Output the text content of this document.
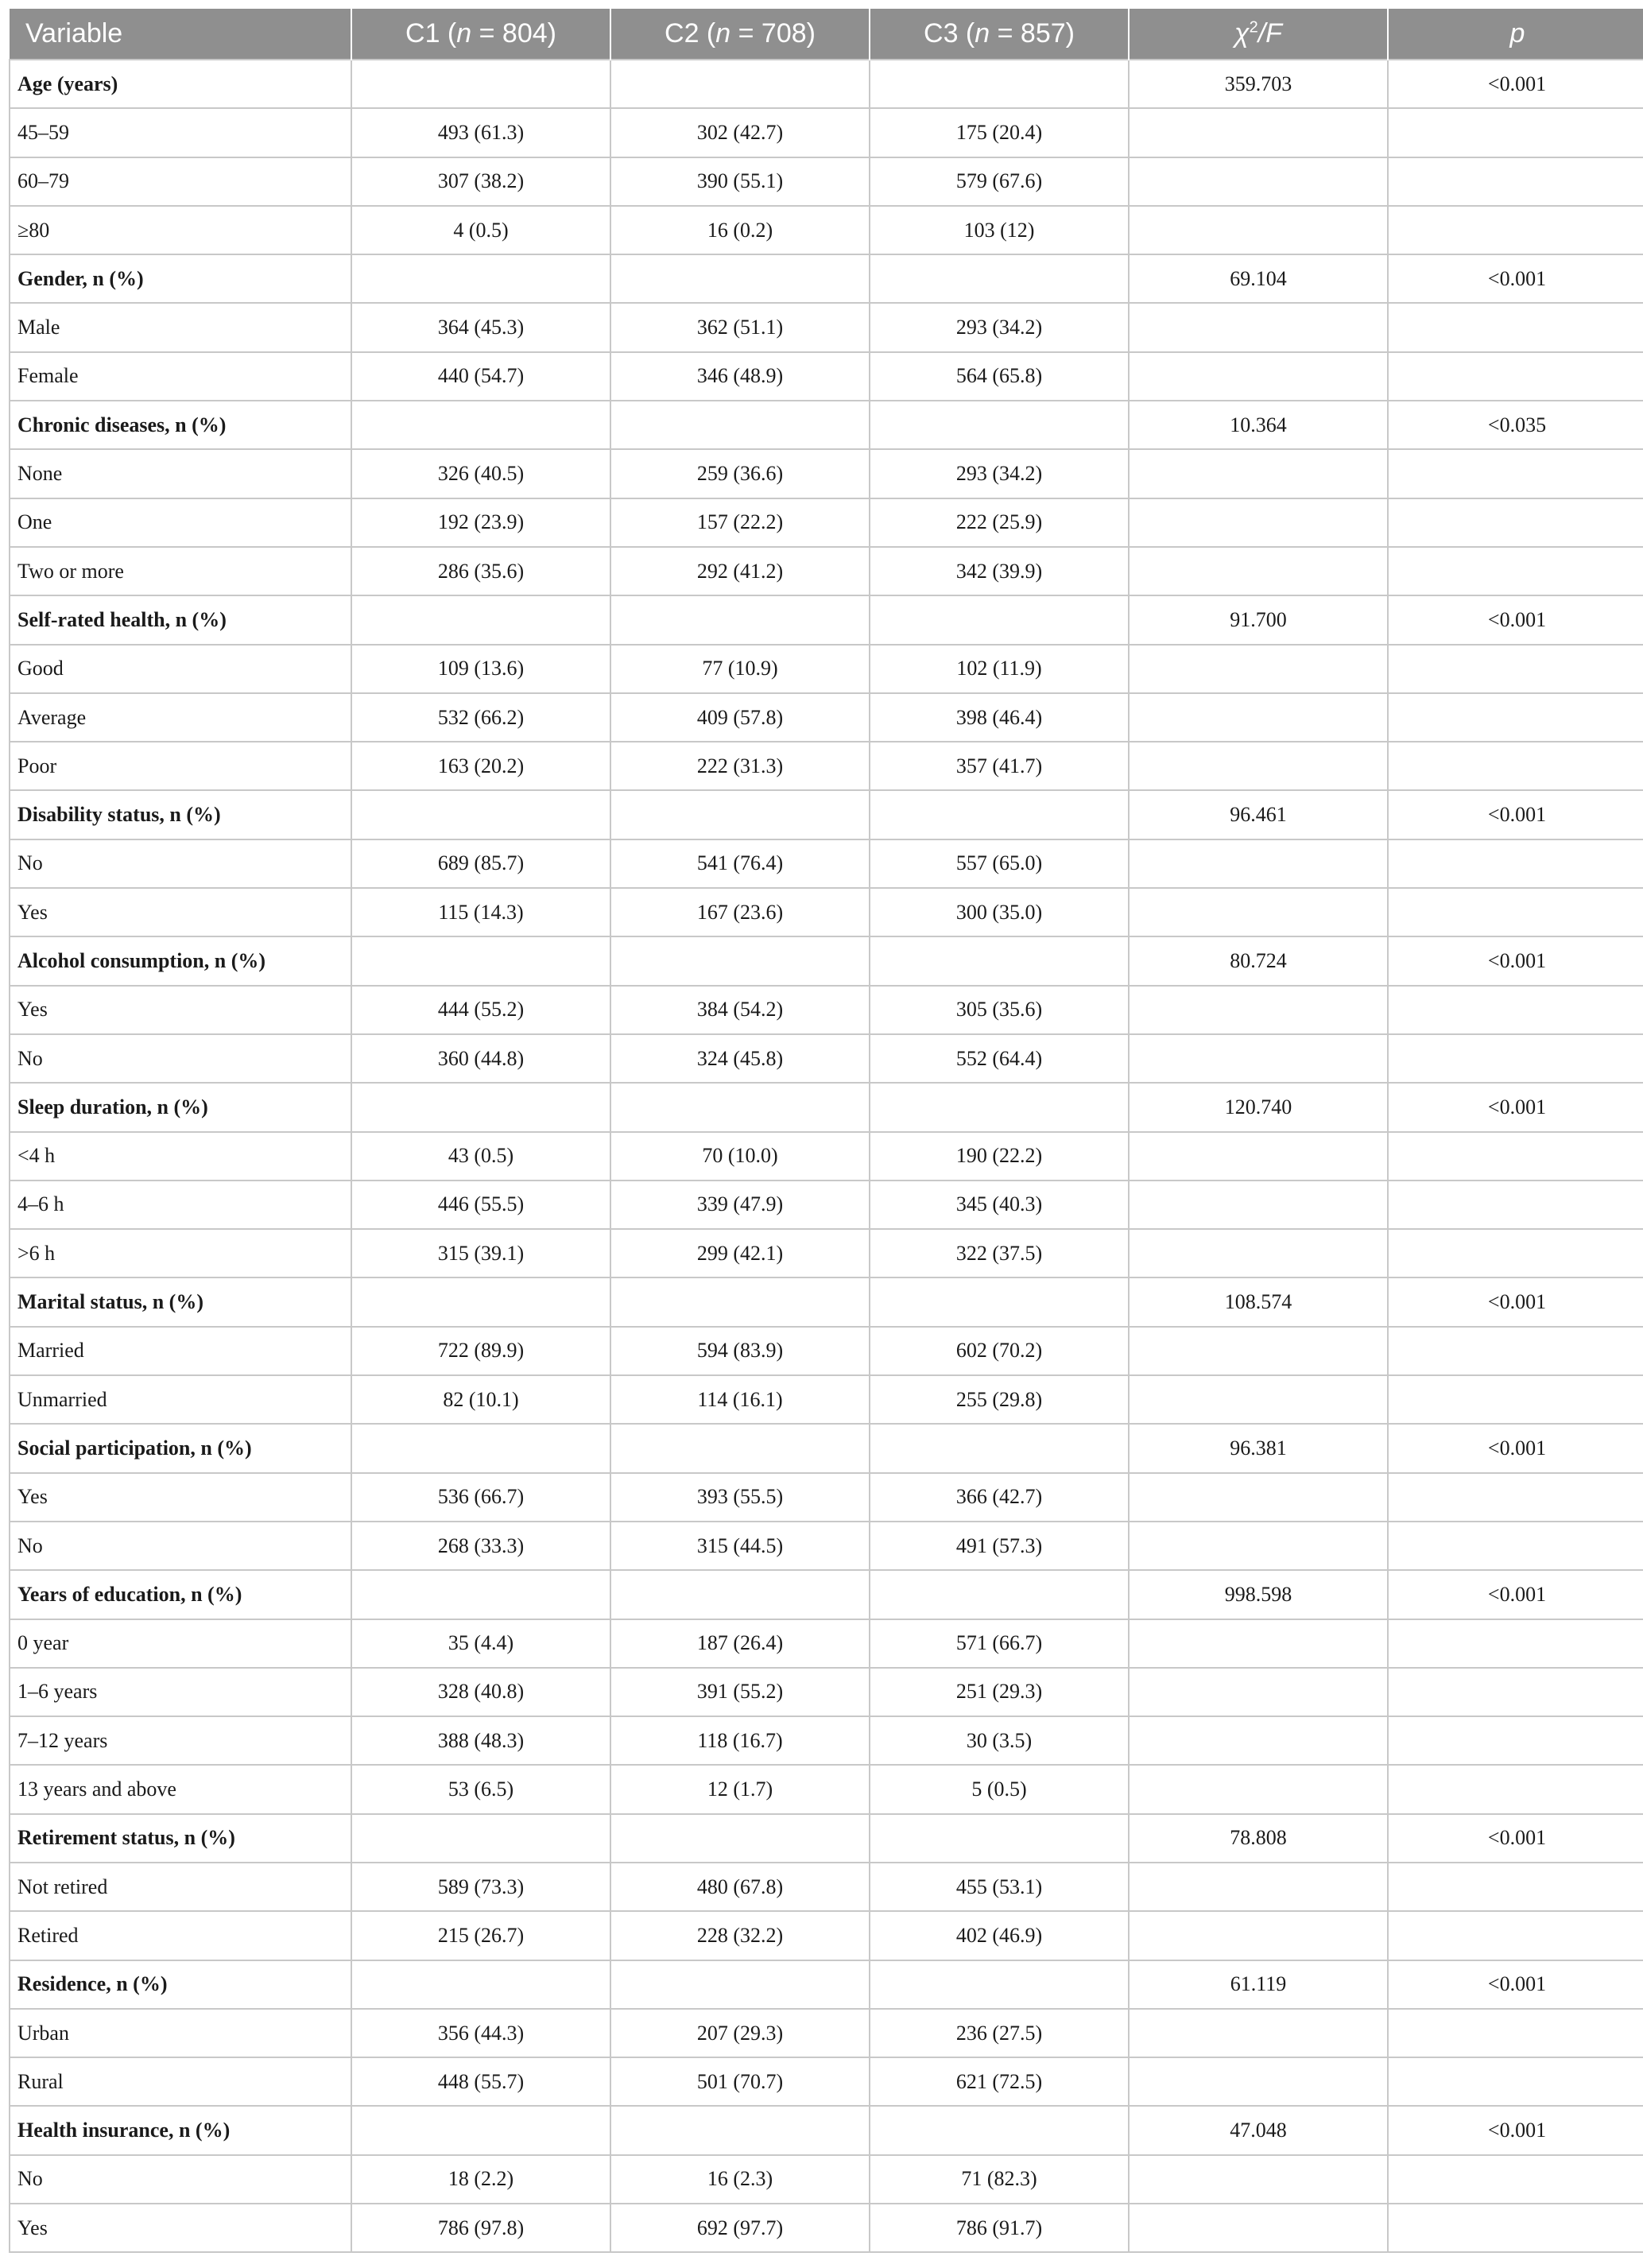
Variable	C1 (n = 804)	C2 (n = 708)	C3 (n = 857)	$\chi^2/F$	p
Age (years)				359.703	<0.001
45–59	493 (61.3)	302 (42.7)	175 (20.4)		
60–79	307 (38.2)	390 (55.1)	579 (67.6)		
≥80	4 (0.5)	16 (0.2)	103 (12)		
Gender, n (%)				69.104	<0.001
Male	364 (45.3)	362 (51.1)	293 (34.2)		
Female	440 (54.7)	346 (48.9)	564 (65.8)		
Chronic diseases, n (%)				10.364	<0.035
None	326 (40.5)	259 (36.6)	293 (34.2)		
One	192 (23.9)	157 (22.2)	222 (25.9)		
Two or more	286 (35.6)	292 (41.2)	342 (39.9)		
Self-rated health, n (%)				91.700	<0.001
Good	109 (13.6)	77 (10.9)	102 (11.9)		
Average	532 (66.2)	409 (57.8)	398 (46.4)		
Poor	163 (20.2)	222 (31.3)	357 (41.7)		
Disability status, n (%)				96.461	<0.001
No	689 (85.7)	541 (76.4)	557 (65.0)		
Yes	115 (14.3)	167 (23.6)	300 (35.0)		
Alcohol consumption, n (%)				80.724	<0.001
Yes	444 (55.2)	384 (54.2)	305 (35.6)		
No	360 (44.8)	324 (45.8)	552 (64.4)		
Sleep duration, n (%)				120.740	<0.001
<4 h	43 (0.5)	70 (10.0)	190 (22.2)		
4–6 h	446 (55.5)	339 (47.9)	345 (40.3)		
>6 h	315 (39.1)	299 (42.1)	322 (37.5)		
Marital status, n (%)				108.574	<0.001
Married	722 (89.9)	594 (83.9)	602 (70.2)		
Unmarried	82 (10.1)	114 (16.1)	255 (29.8)		
Social participation, n (%)				96.381	<0.001
Yes	536 (66.7)	393 (55.5)	366 (42.7)		
No	268 (33.3)	315 (44.5)	491 (57.3)		
Years of education, n (%)				998.598	<0.001
0 year	35 (4.4)	187 (26.4)	571 (66.7)		
1–6 years	328 (40.8)	391 (55.2)	251 (29.3)		
7–12 years	388 (48.3)	118 (16.7)	30 (3.5)		
13 years and above	53 (6.5)	12 (1.7)	5 (0.5)		
Retirement status, n (%)				78.808	<0.001
Not retired	589 (73.3)	480 (67.8)	455 (53.1)		
Retired	215 (26.7)	228 (32.2)	402 (46.9)		
Residence, n (%)				61.119	<0.001
Urban	356 (44.3)	207 (29.3)	236 (27.5)		
Rural	448 (55.7)	501 (70.7)	621 (72.5)		
Health insurance, n (%)				47.048	<0.001
No	18 (2.2)	16 (2.3)	71 (82.3)		
Yes	786 (97.8)	692 (97.7)	786 (91.7)		
